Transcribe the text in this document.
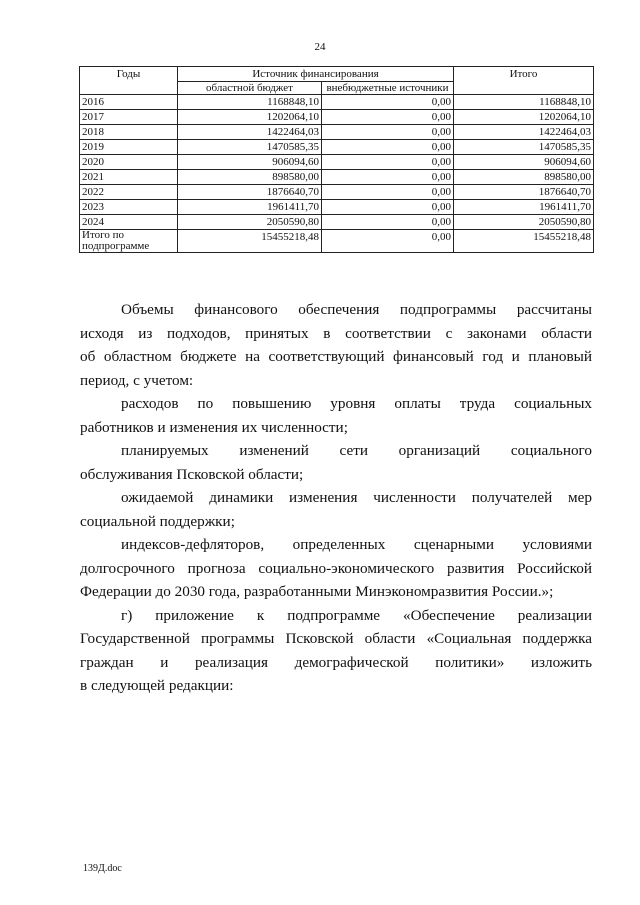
24
Годы	Источник финансирования		Итого
	областной бюджет	внебюджетные источники	
2016	1168848,10	0,00	1168848,10
2017	1202064,10	0,00	1202064,10
2018	1422464,03	0,00	1422464,03
2019	1470585,35	0,00	1470585,35
2020	906094,60	0,00	906094,60
2021	898580,00	0,00	898580,00
2022	1876640,70	0,00	1876640,70
2023	1961411,70	0,00	1961411,70
2024	2050590,80	0,00	2050590,80
Итого по подпрограмме	15455218,48	0,00	15455218,48

Объемы финансового обеспечения подпрограммы рассчитаны

исходя из подходов, принятых в соответствии с законами области

об областном бюджете на соответствующий финансовый год и плановый

период, с учетом:

расходов по повышению уровня оплаты труда социальных

работников и изменения их численности;

планируемых изменений сети организаций социального

обслуживания Псковской области;

ожидаемой динамики изменения численности получателей мер

социальной поддержки;

индексов-дефляторов, определенных сценарными условиями

долгосрочного прогноза социально-экономического развития Российской

Федерации до 2030 года, разработанными Минэкономразвития России.»;

г) приложение к подпрограмме «Обеспечение реализации

Государственной программы Псковской области «Социальная поддержка

граждан и реализация демографической политики» изложить

в следующей редакции:

139Д.doc
